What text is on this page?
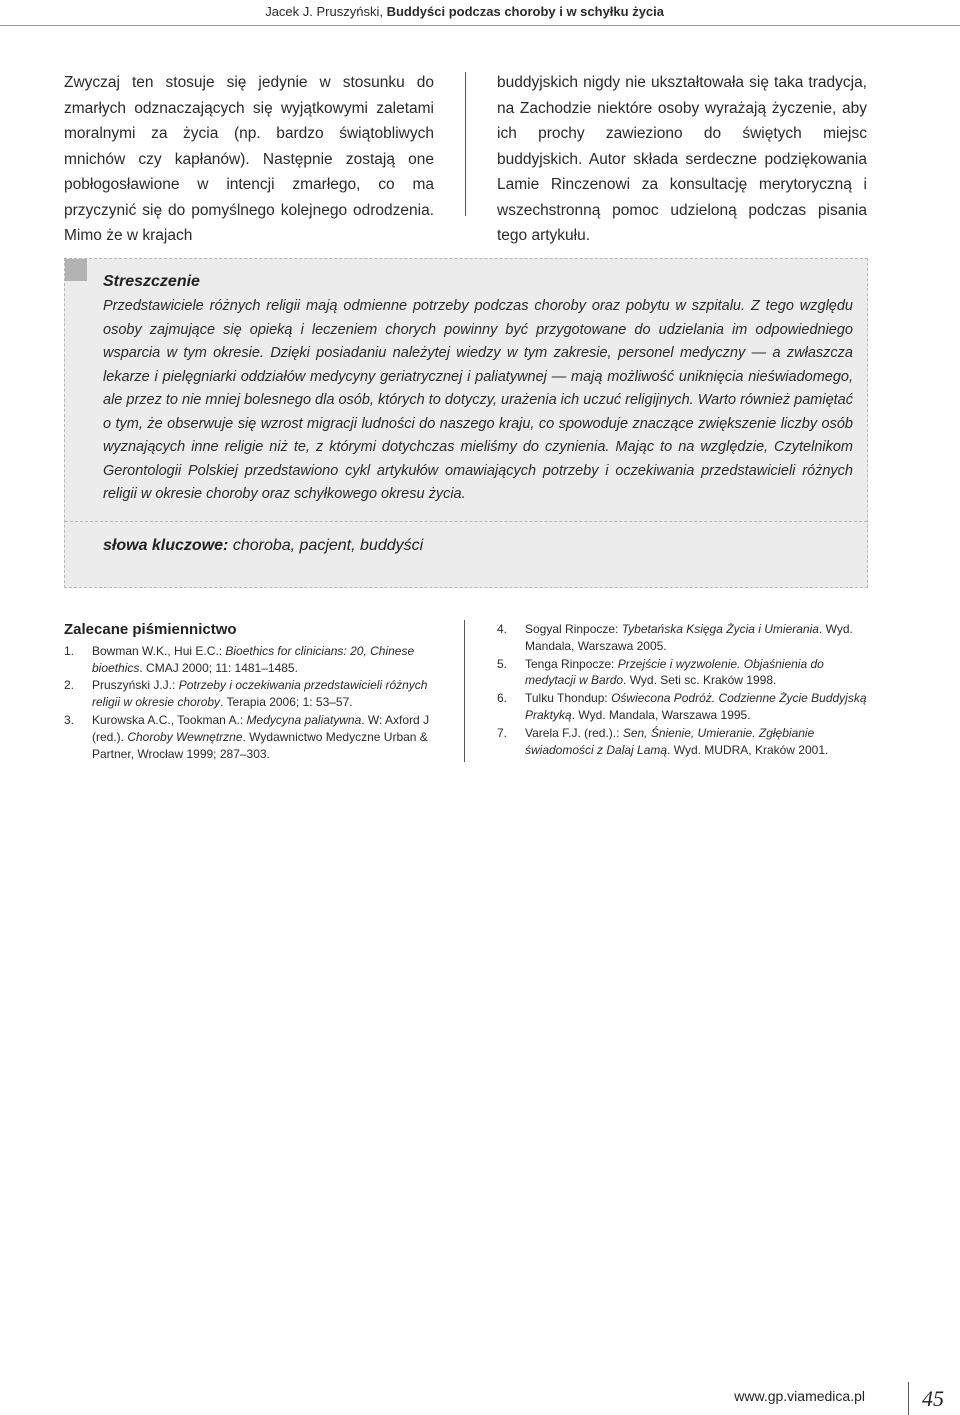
Jacek J. Pruszyński, Buddyści podczas choroby i w schyłku życia
Zwyczaj ten stosuje się jedynie w stosunku do zmarłych odznaczających się wyjątkowymi zaletami moralnymi za życia (np. bardzo świątobliwych mnichów czy kapłanów). Następnie zostają one pobłogosławione w intencji zmarłego, co ma przyczynić się do pomyślnego kolejnego odrodzenia. Mimo że w krajach
buddyjskich nigdy nie ukształtowała się taka tradycja, na Zachodzie niektóre osoby wyrażają życzenie, aby ich prochy zawieziono do świętych miejsc buddyjskich. Autor składa serdeczne podziękowania Lamie Rinczenowi za konsultację merytoryczną i wszechstronną pomoc udzieloną podczas pisania tego artykułu.
Streszczenie
Przedstawiciele różnych religii mają odmienne potrzeby podczas choroby oraz pobytu w szpitalu. Z tego względu osoby zajmujące się opieką i leczeniem chorych powinny być przygotowane do udzielania im odpowiedniego wsparcia w tym okresie. Dzięki posiadaniu należytej wiedzy w tym zakresie, personel medyczny — a zwłaszcza lekarze i pielęgniarki oddziałów medycyny geriatrycznej i paliatywnej — mają możliwość uniknięcia nieświadomego, ale przez to nie mniej bolesnego dla osób, których to dotyczy, urażenia ich uczuć religijnych. Warto również pamiętać o tym, że obserwuje się wzrost migracji ludności do naszego kraju, co spowoduje znaczące zwiększenie liczby osób wyznających inne religie niż te, z którymi dotychczas mieliśmy do czynienia. Mając to na względzie, Czytelnikom Gerontologii Polskiej przedstawiono cykl artykułów omawiających potrzeby i oczekiwania przedstawicieli różnych religii w okresie choroby oraz schyłkowego okresu życia.
słowa kluczowe: choroba, pacjent, buddyści
Zalecane piśmiennictwo
1.	Bowman W.K., Hui E.C.: Bioethics for clinicians: 20, Chinese bioethics. CMAJ 2000; 11: 1481–1485.
2.	Pruszyński J.J.: Potrzeby i oczekiwania przedstawicieli różnych religii w okresie choroby. Terapia 2006; 1: 53–57.
3.	Kurowska A.C., Tookman A.: Medycyna paliatywna. W: Axford J (red.). Choroby Wewnętrzne. Wydawnictwo Medyczne Urban & Partner, Wrocław 1999; 287–303.
4.	Sogyal Rinpocze: Tybetańska Księga Życia i Umierania. Wyd. Mandala, Warszawa 2005.
5.	Tenga Rinpocze: Przejście i wyzwolenie. Objaśnienia do medytacji w Bardo. Wyd. Seti sc. Kraków 1998.
6.	Tulku Thondup: Oświecona Podróż. Codzienne Życie Buddyjską Praktyką. Wyd. Mandala, Warszawa 1995.
7.	Varela F.J. (red.).: Sen, Śnienie, Umieranie. Zgłębianie świadomości z Dalaj Lamą. Wyd. MUDRA, Kraków 2001.
www.gp.viamedica.pl	45
